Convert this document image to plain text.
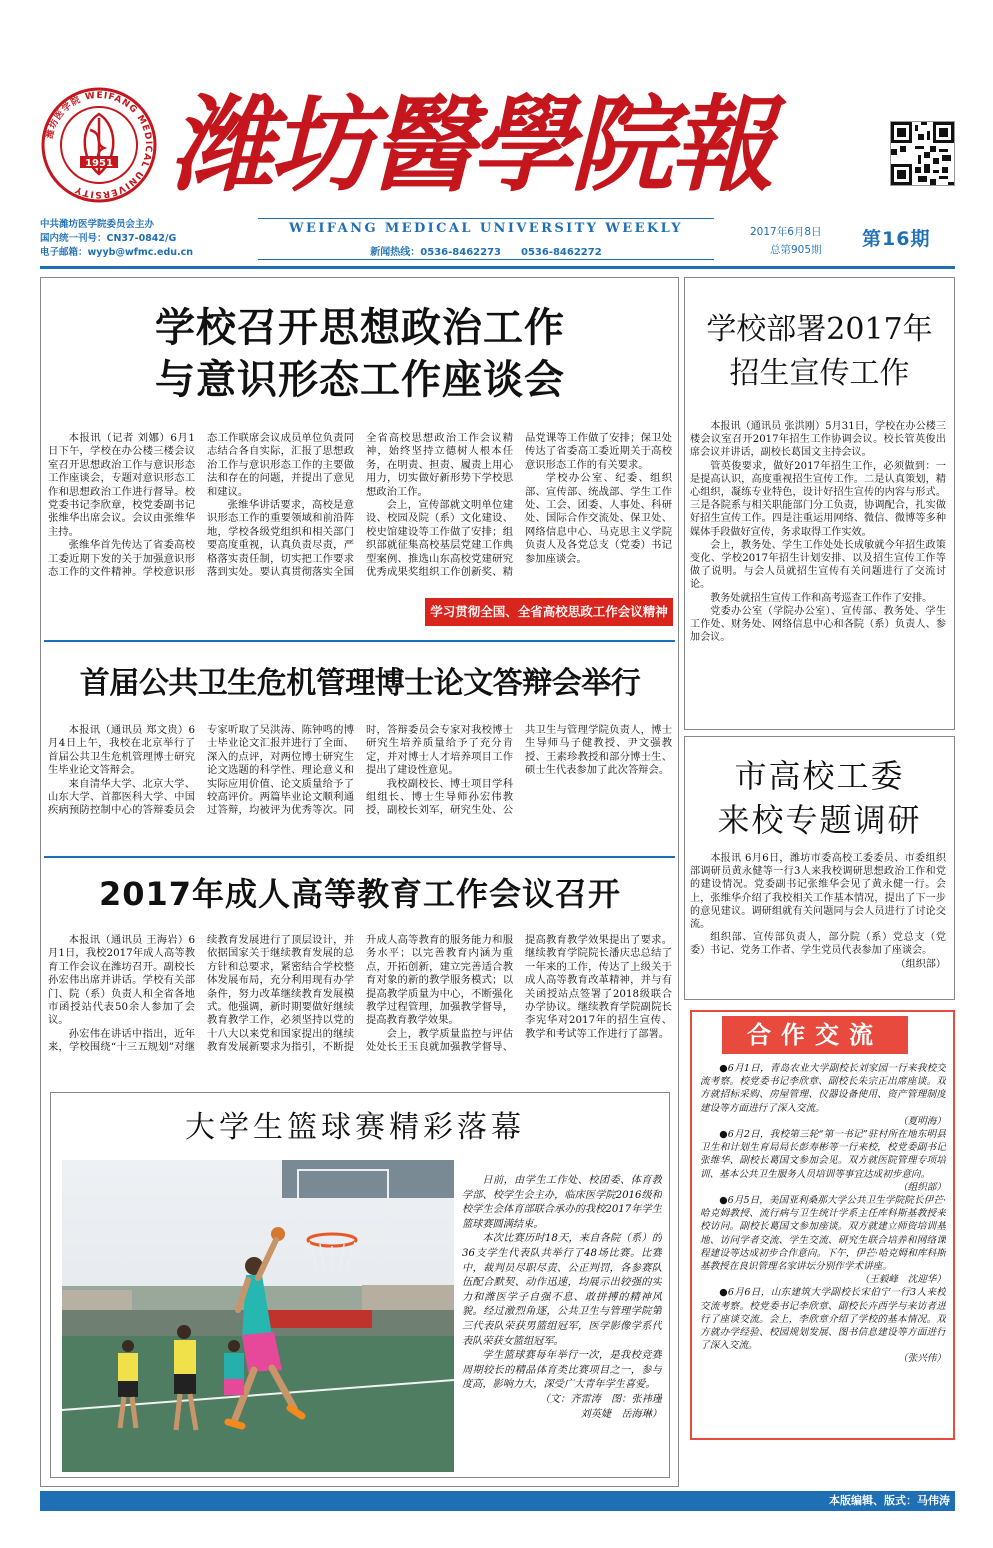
1951
潍坊医学院 WEIFANG MEDICAL UNIVERSITY 潍坊醫學院報
中共潍坊医学院委员会主办
国内统一刊号：CN37-0842/G
电子邮箱：wyyb@wfmc.edu.cn
WEIFANG MEDICAL UNIVERSITY WEEKLY
新闻热线：0536-8462273　　0536-8462272
2017年6月8日
总第905期	第16期
学校召开思想政治工作
与意识形态工作座谈会

本报讯（记者 刘娜）6月1日下午，学校在办公楼三楼会议室召开思想政治工作与意识形态工作座谈会，专题对意识形态工作和思想政治工作进行督导。校党委书记李欣章，校党委副书记张维华出席会议。会议由张维华主持。

张维华首先传达了省委高校工委近期下发的关于加强意识形态工作的文件精神。学校意识形态工作联席会议成员单位负责同志结合各自实际，汇报了思想政治工作与意识形态工作的主要做法和存在的问题，并提出了意见和建议。

张维华讲话要求，高校是意识形态工作的重要领域和前沿阵地，学校各级党组织和相关部门要高度重视，认真负责尽责，严格落实责任制，切实把工作要求落到实处。要认真贯彻落实全国全省高校思想政治工作会议精神，始终坚持立德树人根本任务，在明责、担责、履责上用心用力，切实做好新形势下学校思想政治工作。

会上，宣传部就文明单位建设、校园及院（系）文化建设、校史馆建设等工作做了安排；组织部就征集高校基层党建工作典型案例、推选山东高校党建研究优秀成果奖组织工作创新奖、精品党课等工作做了安排；保卫处传达了省委高工委近期关于高校意识形态工作的有关要求。

学校办公室、纪委、组织部、宣传部、统战部、学生工作处、工会、团委、人事处、科研处、国际合作交流处、保卫处、网络信息中心、马克思主义学院负责人及各党总支（党委）书记参加座谈会。

学习贯彻全国、全省高校思政工作会议精神
首届公共卫生危机管理博士论文答辩会举行

本报讯（通讯员 郑文贵）6月4日上午，我校在北京举行了首届公共卫生危机管理博士研究生毕业论文答辩会。

来自清华大学、北京大学、山东大学、首都医科大学、中国疾病预防控制中心的答辩委员会专家听取了吴洪涛、陈钟鸣的博士毕业论文汇报并进行了全面、深入的点评，对两位博士研究生论文选题的科学性、理论意义和实际应用价值、论文质量给予了较高评价。两篇毕业论文顺利通过答辩，均被评为优秀等次。同时，答辩委员会专家对我校博士研究生培养质量给予了充分肯定，并对博士人才培养项目工作提出了建设性意见。

我校副校长、博士项目学科组组长、博士生导师孙宏伟教授，副校长刘军，研究生处、公共卫生与管理学院负责人，博士生导师马子健教授、尹文强教授、王素珍教授和部分博士生、硕士生代表参加了此次答辩会。

2017年成人高等教育工作会议召开

本报讯（通讯员 王海岩）6月1日，我校2017年成人高等教育工作会议在潍坊召开。副校长孙宏伟出席并讲话。学校有关部门、院（系）负责人和全省各地市函授站代表50余人参加了会议。

孙宏伟在讲话中指出，近年来，学校围绕“十三五规划”对继续教育发展进行了顶层设计，并依据国家关于继续教育发展的总方针和总要求，紧密结合学校整体发展布局，充分利用现有办学条件，努力改革继续教育发展模式。他强调，新时期要做好继续教育教学工作，必须坚持以党的十八大以来党和国家提出的继续教育发展新要求为指引，不断提升成人高等教育的服务能力和服务水平；以完善教育内涵为重点，开拓创新，建立完善适合教育对象的新的教学服务模式；以提高教学质量为中心，不断强化教学过程管理，加强教学督导，提高教育教学效果。

会上，教学质量监控与评估处处长王玉良就加强教学督导、提高教育教学效果提出了要求。继续教育学院院长潘庆忠总结了一年来的工作，传达了上级关于成人高等教育改革精神，并与有关函授站点签署了2018级联合办学协议。继续教育学院副院长李宪华对2017年的招生宣传、教学和考试等工作进行了部署。

大学生篮球赛精彩落幕

日前，由学生工作处、校团委、体育教学部、校学生会主办，临床医学院2016级和校学生会体育部联合承办的我校2017年学生篮球赛圆满结束。

本次比赛历时18天，来自各院（系）的36支学生代表队共举行了48场比赛。比赛中，裁判员尽职尽责、公正判罚，各参赛队伍配合默契、动作迅速，均展示出较强的实力和潍医学子自强不息、敢拼搏的精神风貌。经过激烈角逐，公共卫生与管理学院第三代表队荣获男篮组冠军，医学影像学系代表队荣获女篮组冠军。

学生篮球赛每年举行一次，是我校竞赛周期较长的精品体育类比赛项目之一，参与度高，影响力大，深受广大青年学生喜爱。

（文：齐雷涛　图：张祎瑾
刘英婕　岳海琳）
学校部署2017年
招生宣传工作

本报讯（通讯员 张洪刚）5月31日，学校在办公楼三楼会议室召开2017年招生工作协调会议。校长管英俊出席会议并讲话，副校长葛国文主持会议。

管英俊要求，做好2017年招生工作，必须做到：一是提高认识，高度重视招生宣传工作。二是认真策划，精心组织，凝练专业特色，设计好招生宣传的内容与形式。三是各院系与相关职能部门分工负责，协调配合，扎实做好招生宣传工作。四是注重运用网络、微信、微博等多种媒体手段做好宣传，务求取得工作实效。

会上，教务处、学生工作处处长成敏就今年招生政策变化、学校2017年招生计划安排、以及招生宣传工作等做了说明。与会人员就招生宣传有关问题进行了交流讨论。

教务处就招生宣传工作和高考巡查工作作了安排。

党委办公室（学院办公室）、宣传部、教务处、学生工作处、财务处、网络信息中心和各院（系）负责人、参加会议。

市高校工委
来校专题调研

本报讯 6月6日，潍坊市委高校工委委员、市委组织部调研员黄永健等一行3人来我校调研思想政治工作和党的建设情况。党委副书记张维华会见了黄永健一行。会上，张维华介绍了我校相关工作基本情况，提出了下一步的意见建议。调研组就有关问题同与会人员进行了讨论交流。

组织部、宣传部负责人，部分院（系）党总支（党委）书记、党务工作者、学生党员代表参加了座谈会。

（组织部）
合作交流

●6月1日，青岛农业大学副校长刘家园一行来我校交流考察。校党委书记李欣章、副校长朱宗正出席座谈。双方就招标采购、房屋管理、仪器设备使用、资产管理制度建设等方面进行了深入交流。

（夏明海）

●6月2日，我校第三轮“第一书记”驻村所在地东明县卫生和计划生育局局长彭寿彬等一行来校，校党委副书记张维华、副校长葛国文参加会见。双方就医院管理专项培训、基本公共卫生服务人员培训等事宜达成初步意向。

（组织部）

●6月5日，美国亚利桑那大学公共卫生学院院长伊芒·哈克姆教授、流行病与卫生统计学系主任库科斯基教授来校访问。副校长葛国文参加座谈。双方就建立师资培训基地、访问学者交流、学生交流、研究生联合培养和网络课程建设等达成初步合作意向。下午，伊芒·哈克姆和库科斯基教授在良识管理名家讲坛分别作学术讲座。

（王毅峰　沈迎华）

●6月6日，山东建筑大学副校长宋伯宁一行3人来校交流考察。校党委书记李欣章、副校长卉西学与来访者进行了座谈交流。会上，李欣章介绍了学校的基本情况。双方就办学经验、校园规划发展、图书信息建设等方面进行了深入交流。

（张兴伟）
本版编辑、版式：马伟涛
